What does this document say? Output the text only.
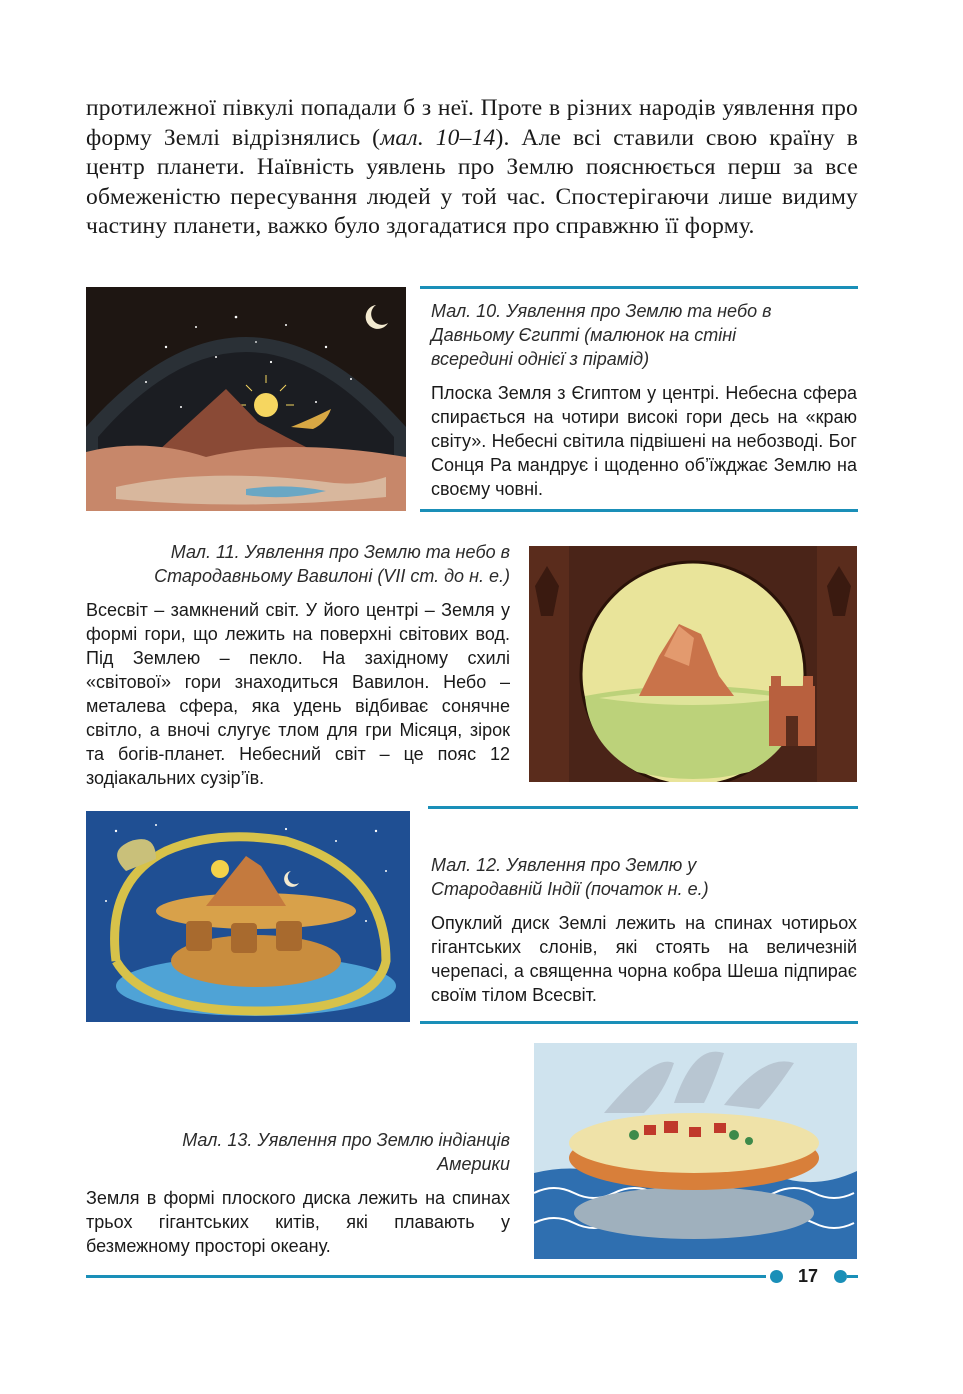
протилежної півкулі попадали б з неї. Проте в різних народів уявлення про форму Землі відрізнялись (мал. 10–14). Але всі ставили свою країну в центр планети. Наївність уявлень про Землю пояснюється перш за все обмеженістю пересування людей у той час. Спостерігаючи лише видиму частину планети, важко було здогадатися про справжню її форму.
Мал. 10. Уявлення про Землю та небо в Давньому Єгипті (малюнок на стіні всередині однієї з пірамід)
Плоска Земля з Єгиптом у центрі. Небесна сфера спирається на чотири високі гори десь на «краю світу». Небесні світила підвішені на небозводі. Бог Сонця Ра мандрує і щоденно об’їжджає Землю на своєму човні.
Мал. 11. Уявлення про Землю та небо в Стародавньому Вавилоні (VII ст. до н. е.)
Всесвіт – замкнений світ. У його центрі – Земля у формі гори, що лежить на поверхні світових вод. Під Землею – пекло. На західному схилі «світової» гори знаходиться Вавилон. Небо – металева сфера, яка удень відбиває сонячне світло, а вночі слугує тлом для гри Місяця, зірок та богів-планет. Небесний світ – це пояс 12 зодіакальних сузір’їв.
Мал. 12. Уявлення про Землю у Стародавній Індії (початок н. е.)
Опуклий диск Землі лежить на спинах чотирьох гігантських слонів, які стоять на величезній черепасі, а священна чорна кобра Шеша підпирає своїм тілом Всесвіт.
Мал. 13. Уявлення про Землю індіанців Америки
Земля в формі плоского диска лежить на спинах трьох гігантських китів, які плавають у безмежному просторі океану.
17
